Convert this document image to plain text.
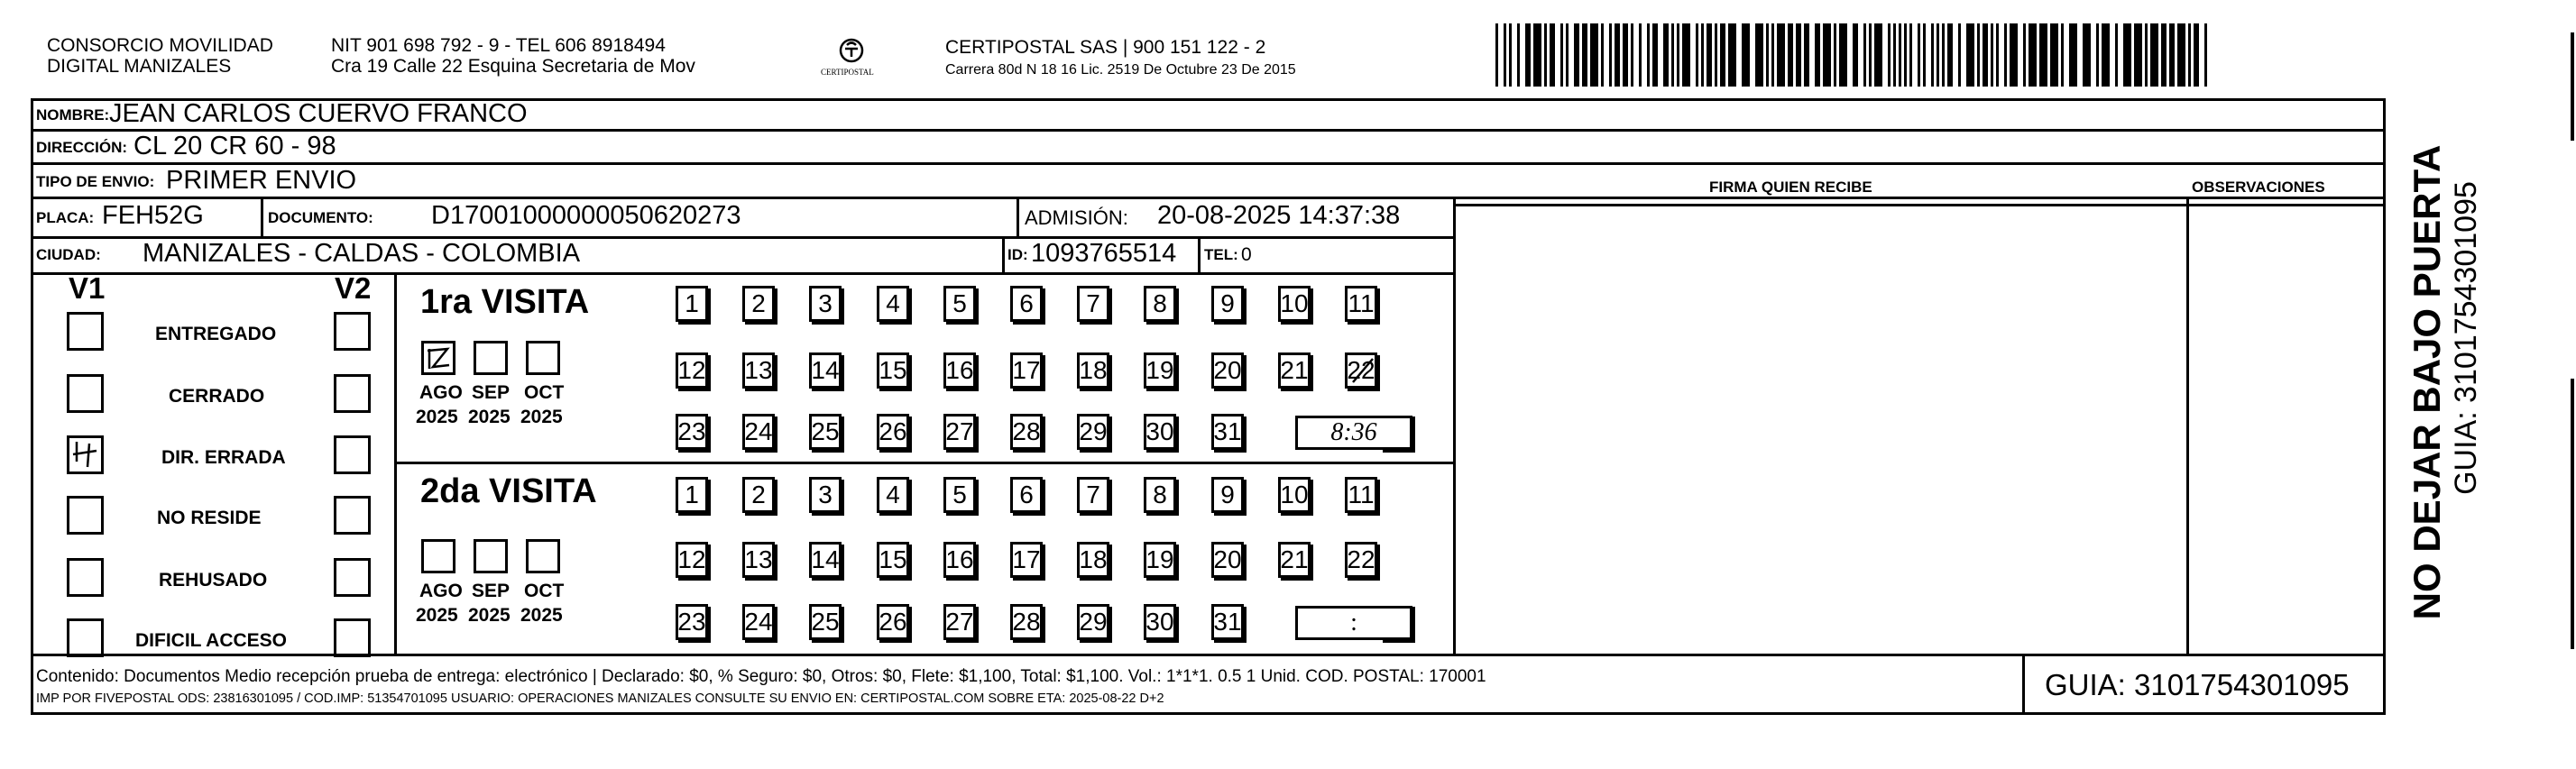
CONSORCIO MOVILIDAD
DIGITAL MANIZALES
NIT 901 698 792 - 9 - TEL 606 8918494
Cra 19 Calle 22 Esquina Secretaria de Mov	CERTIPOSTAL
CERTIPOSTAL SAS | 900 151 122 - 2
Carrera 80d N 18 16 Lic. 2519 De Octubre 23 De 2015
NOMBRE: JEAN CARLOS CUERVO FRANCO
DIRECCIÓN: CL 20 CR 60 - 98
TIPO DE ENVIO: PRIMER ENVIO
PLACA: FEH52G	DOCUMENTO: D17001000000050620273	ADMISIÓN: 20-08-2025 14:37:38
FIRMA QUIEN RECIBE	OBSERVACIONES
CIUDAD: MANIZALES - CALDAS - COLOMBIA	ID: 1093765514 TEL: 0
V1	V2
ENTREGADO
CERRADO
DIR. ERRADA
NO RESIDE
REHUSADO
DIFICIL ACCESO
1ra VISITA
AGO
2025
SEP
2025
OCT
2025
1 2 3 4 5 6 7 8 9 10 11
12 13 14 15 16 17 18 19 20 21 22
23 24 25 26 27 28 29 30 31	8:36
2da VISITA
AGO
2025
SEP
2025
OCT
2025
1 2 3 4 5 6 7 8 9 10 11
12 13 14 15 16 17 18 19 20 21 22
23 24 25 26 27 28 29 30 31	:
Contenido: Documentos Medio recepción prueba de entrega: electrónico | Declarado: $0, % Seguro: $0, Otros: $0, Flete: $1,100, Total: $1,100. Vol.: 1*1*1. 0.5 1 Unid. COD. POSTAL: 170001
IMP POR FIVEPOSTAL ODS: 23816301095 / COD.IMP: 51354701095 USUARIO: OPERACIONES MANIZALES CONSULTE SU ENVIO EN: CERTIPOSTAL.COM SOBRE ETA: 2025-08-22 D+2	GUIA: 3101754301095
NO DEJAR BAJO PUERTA GUIA: 3101754301095
